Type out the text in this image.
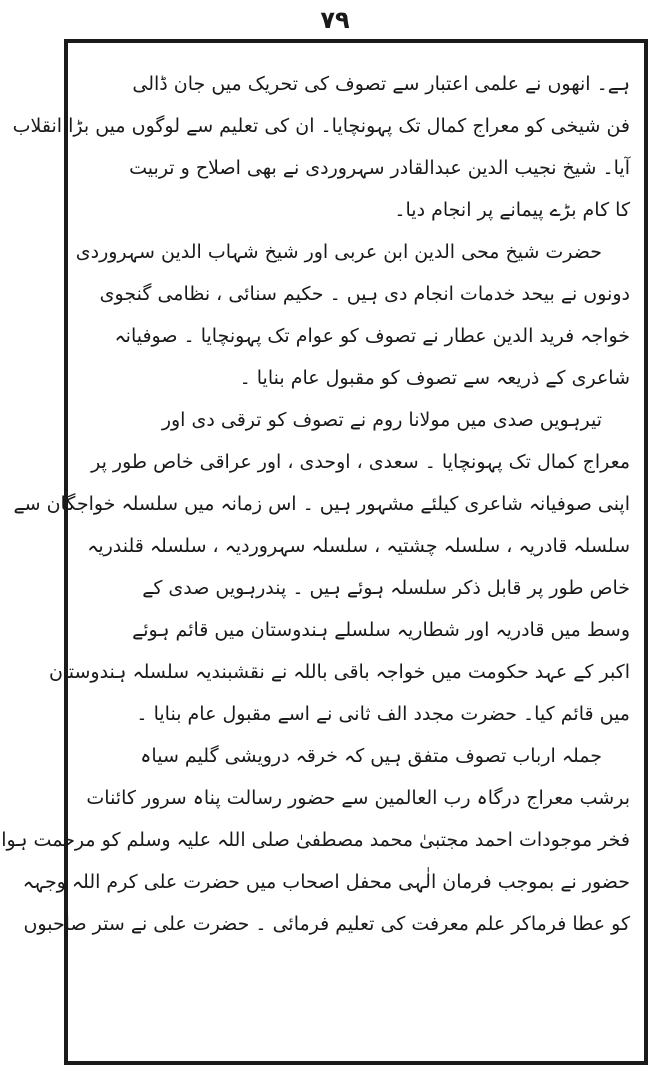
٧٩
ہے۔ انھوں نے علمی اعتبار سے تصوف کی تحریک میں جان ڈالی
فن شیخی کو معراج کمال تک پہونچایا۔ ان کی تعلیم سے لوگوں میں بڑا انقلاب
آیا۔ شیخ نجیب الدین عبدالقادر سہروردی نے بھی اصلاح و تربیت
کا کام بڑے پیمانے پر انجام دیا۔
حضرت شیخ محی الدین ابن عربی اور شیخ شہاب الدین سہروردی
دونوں نے بیحد خدمات انجام دی ہیں ۔ حکیم سنائی ، نظامی گنجوی
خواجہ فرید الدین عطار نے تصوف کو عوام تک پہونچایا ۔ صوفیانہ
شاعری کے ذریعہ سے تصوف کو مقبول عام بنایا ۔
تیرہویں صدی میں مولانا روم نے تصوف کو ترقی دی اور
معراج کمال تک پہونچایا ۔ سعدی ، اوحدی ، اور عراقی خاص طور پر
اپنی صوفیانہ شاعری کیلئے مشہور ہیں ۔ اس زمانہ میں سلسلہ خواجگان سے
سلسلہ قادریہ ، سلسلہ چشتیہ ، سلسلہ سہروردیہ ، سلسلہ قلندریہ
خاص طور پر قابل ذکر سلسلہ ہوئے ہیں ۔ پندرہویں صدی کے
وسط میں قادریہ اور شطاریہ سلسلے ہندوستان میں قائم ہوئے
اکبر کے عہد حکومت میں خواجہ باقی باللہ نے نقشبندیہ سلسلہ ہندوستان
میں قائم کیا۔ حضرت مجدد الف ثانی نے اسے مقبول عام بنایا ۔
جملہ ارباب تصوف متفق ہیں کہ خرقہ درویشی گلیم سیاہ
برشب معراج درگاہ رب العالمین سے حضور رسالت پناہ سرور کائنات
فخر موجودات احمد مجتبیٰ محمد مصطفیٰ صلی اللہ علیہ وسلم کو مرحمت ہوا
حضور نے بموجب فرمان الٰہی محفل اصحاب میں حضرت علی کرم اللہ وجہہ
کو عطا فرماکر علم معرفت کی تعلیم فرمائی ۔ حضرت علی نے ستر صاحبوں
